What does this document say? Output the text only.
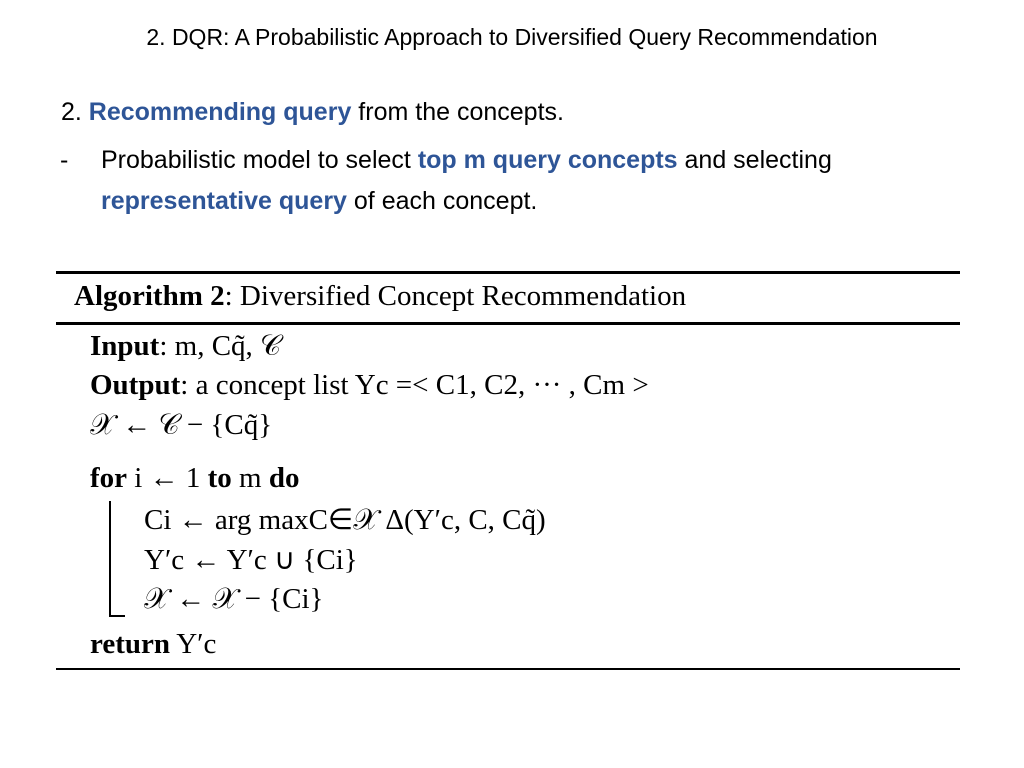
2. DQR: A Probabilistic Approach to Diversified Query Recommendation
2. Recommending query from the concepts.
- Probabilistic model to select top m query concepts and selecting representative query of each concept.
Algorithm 2: Diversified Concept Recommendation
Input: m, Cq̃, 𝒞
Output: a concept list Yc =< C1, C2, ··· , Cm >
𝒳 ← 𝒞 − {Cq̃}
for i ← 1 to m do
Ci ← arg maxC∈𝒳 Δ(Y′c, C, Cq̃)
Y′c ← Y′c ∪ {Ci}
𝒳 ← 𝒳 − {Ci}
return Y′c
